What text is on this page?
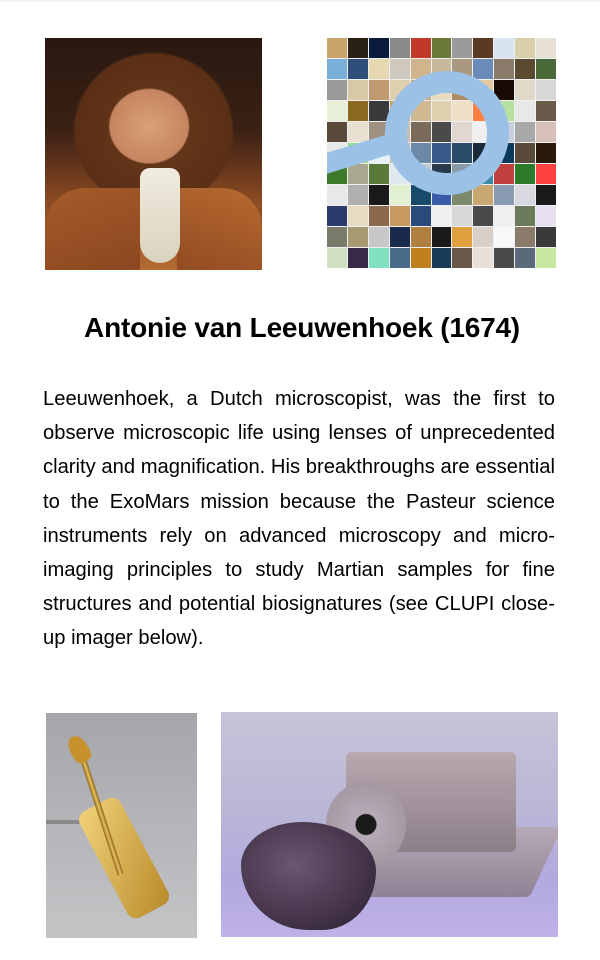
Antonie van Leeuwenhoek (1674)
Leeuwenhoek, a Dutch microscopist, was the first to observe microscopic life using lenses of unprecedented clarity and magnification. His breakthroughs are essential to the ExoMars mission because the Pasteur science instruments rely on advanced microscopy and micro-imaging principles to study Martian samples for fine structures and potential biosignatures (see CLUPI close-up imager below).
